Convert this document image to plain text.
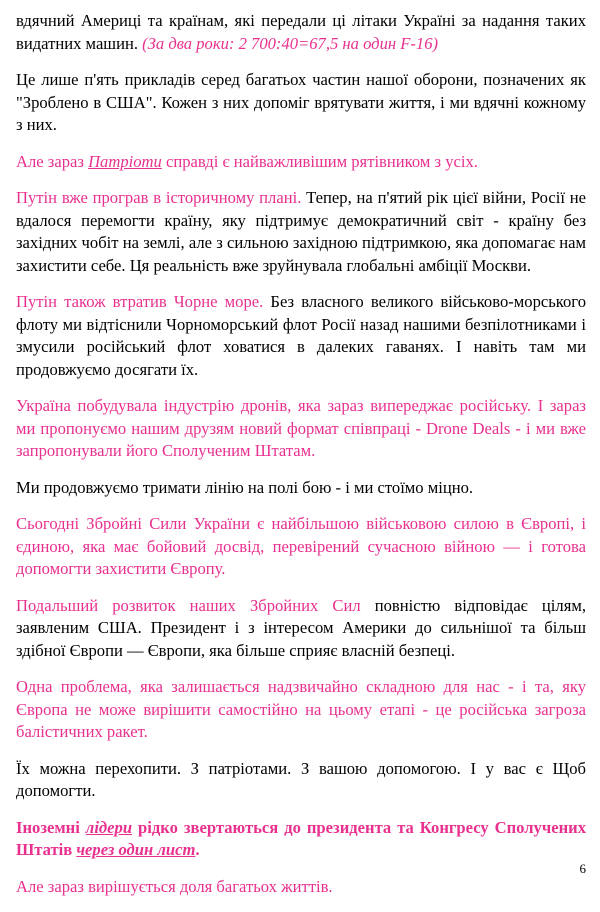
вдячний Америці та країнам, які передали ці літаки Україні за надання таких видатних машин. (За два роки: 2 700:40=67,5 на один F-16)

Це лише п'ять прикладів серед багатьох частин нашої оборони, позначених як "Зроблено в США". Кожен з них допоміг врятувати життя, і ми вдячні кожному з них.

Але зараз Патріоти справді є найважливішим рятівником з усіх.

Путін вже програв в історичному плані. Тепер, на п'ятий рік цієї війни, Росії не вдалося перемогти країну, яку підтримує демократичний світ - країну без західних чобіт на землі, але з сильною західною підтримкою, яка допомагає нам захистити себе. Ця реальність вже зруйнувала глобальні амбіції Москви.

Путін також втратив Чорне море. Без власного великого військово-морського флоту ми відтіснили Чорноморський флот Росії назад нашими безпілотниками і змусили російський флот ховатися в далеких гаванях. І навіть там ми продовжуємо досягати їх.

Україна побудувала індустрію дронів, яка зараз випереджає російську. І зараз ми пропонуємо нашим друзям новий формат співпраці - Drone Deals - і ми вже запропонували його Сполученим Штатам.

Ми продовжуємо тримати лінію на полі бою - і ми стоїмо міцно.

Сьогодні Збройні Сили України є найбільшою військовою силою в Європі, і єдиною, яка має бойовий досвід, перевірений сучасною війною — і готова допомогти захистити Європу.

Подальший розвиток наших Збройних Сил повністю відповідає цілям, заявленим США. Президент і з інтересом Америки до сильнішої та більш здібної Європи — Європи, яка більше сприяє власній безпеці.

Одна проблема, яка залишається надзвичайно складною для нас - і та, яку Європа не може вирішити самостійно на цьому етапі - це російська загроза балістичних ракет.

Їх можна перехопити. З патріотами. З вашою допомогою. І у вас є Щоб допомогти.

Іноземні лідери рідко звертаються до президента та Конгресу Сполучених Штатів через один лист.

Але зараз вирішується доля багатьох життів.

6
